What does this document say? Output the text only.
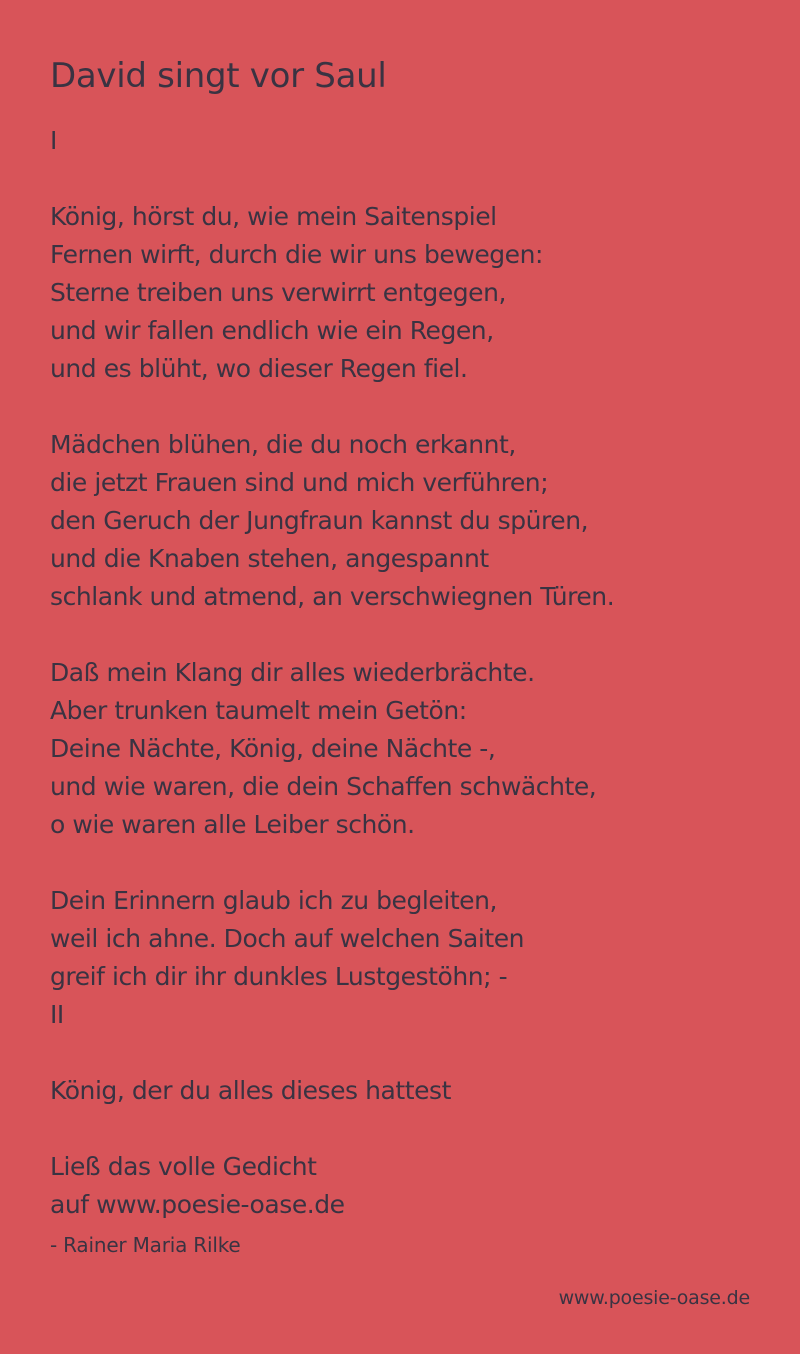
David singt vor Saul
I
König, hörst du, wie mein Saitenspiel
Fernen wirft, durch die wir uns bewegen:
Sterne treiben uns verwirrt entgegen,
und wir fallen endlich wie ein Regen,
und es blüht, wo dieser Regen fiel.
Mädchen blühen, die du noch erkannt,
die jetzt Frauen sind und mich verführen;
den Geruch der Jungfraun kannst du spüren,
und die Knaben stehen, angespannt
schlank und atmend, an verschwiegnen Türen.
Daß mein Klang dir alles wiederbrächte.
Aber trunken taumelt mein Getön:
Deine Nächte, König, deine Nächte -,
und wie waren, die dein Schaffen schwächte,
o wie waren alle Leiber schön.
Dein Erinnern glaub ich zu begleiten,
weil ich ahne. Doch auf welchen Saiten
greif ich dir ihr dunkles Lustgestöhn; -
II
König, der du alles dieses hattest
Ließ das volle Gedicht
auf www.poesie-oase.de
- Rainer Maria Rilke
www.poesie-oase.de
